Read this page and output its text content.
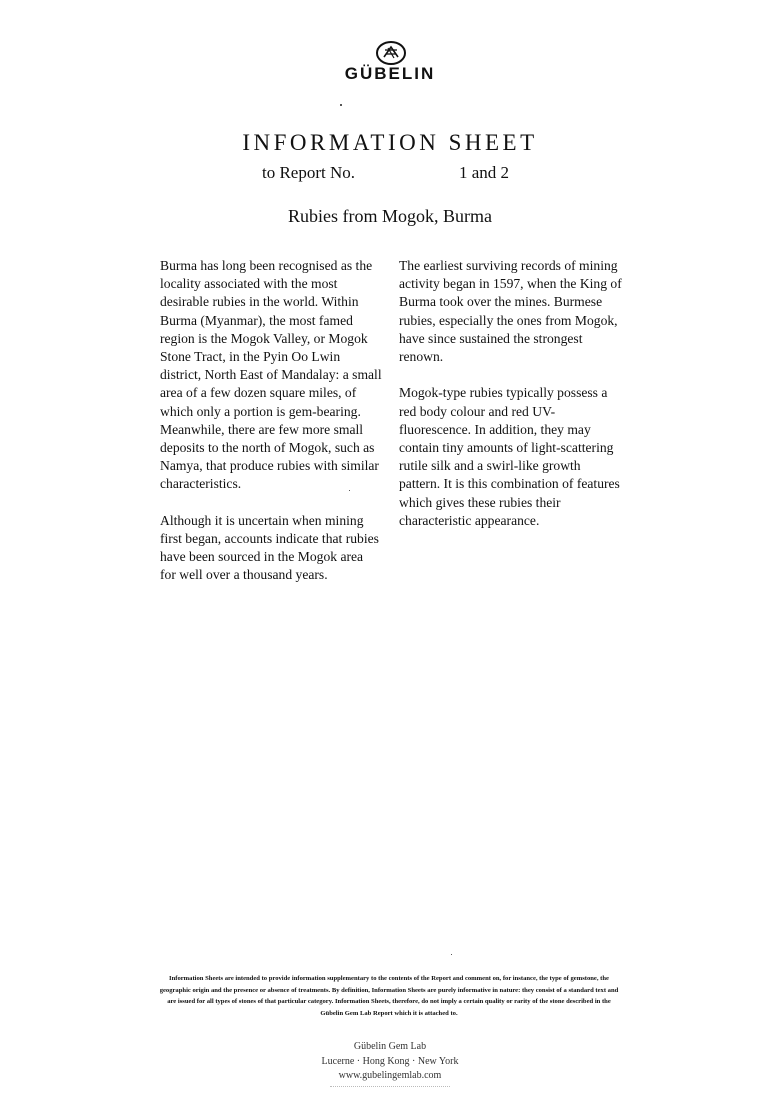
GÜBELIN
INFORMATION SHEET
to Report No.	1 and 2
Rubies from Mogok, Burma

Burma has long been recognised as the locality associated with the most desirable rubies in the world. Within Burma (Myanmar), the most famed region is the Mogok Valley, or Mogok Stone Tract, in the Pyin Oo Lwin district, North East of Mandalay: a small area of a few dozen square miles, of which only a portion is gem-bearing. Meanwhile, there are few more small deposits to the north of Mogok, such as Namya, that produce rubies with similar characteristics.

Although it is uncertain when mining first began, accounts indicate that rubies have been sourced in the Mogok area for well over a thousand years.

The earliest surviving records of mining activity began in 1597, when the King of Burma took over the mines. Burmese rubies, especially the ones from Mogok, have since sustained the strongest renown.

Mogok-type rubies typically possess a red body colour and red UV-fluorescence. In addition, they may contain tiny amounts of light-scattering rutile silk and a swirl-like growth pattern. It is this combination of features which gives these rubies their characteristic appearance.

Information Sheets are intended to provide information supplementary to the contents of the Report and comment on, for instance, the type of gemstone, the geographic origin and the presence or absence of treatments. By definition, Information Sheets are purely informative in nature: they consist of a standard text and are issued for all types of stones of that particular category. Information Sheets, therefore, do not imply a certain quality or rarity of the stone described in the Gübelin Gem Lab Report which it is attached to.
Gübelin Gem Lab
Lucerne · Hong Kong · New York
www.gubelingemlab.com
